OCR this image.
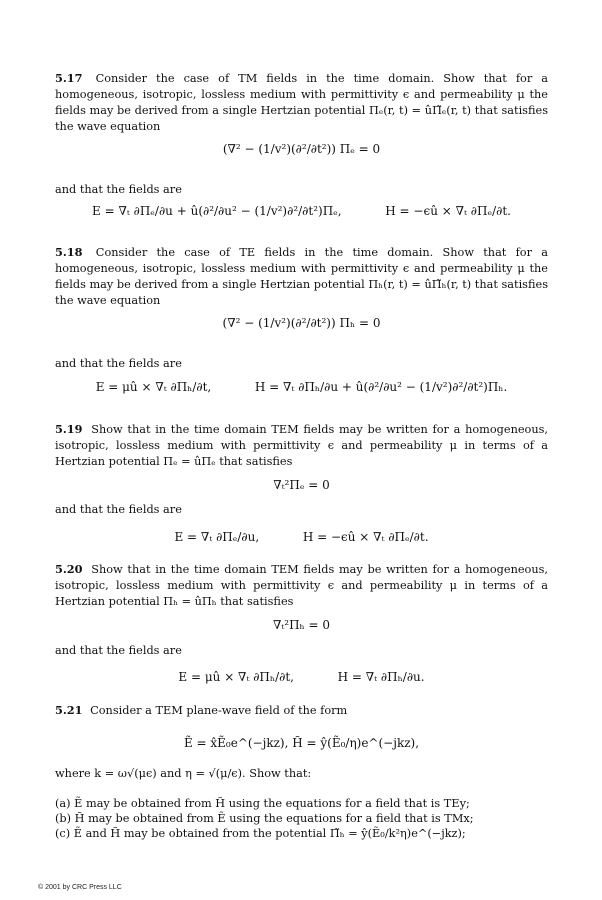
5.17 Consider the case of TM fields in the time domain. Show that for a homogeneous, isotropic, lossless medium with permittivity ϵ and permeability μ the fields may be derived from a single Hertzian potential Πₑ(r, t) = ûΠ̃ₑ(r, t) that satisfies the wave equation

(∇² − (1/v²)(∂²/∂t²)) Πₑ = 0

and that the fields are

E = ∇ₜ ∂Πₑ/∂u + û(∂²/∂u² − (1/v²)∂²/∂t²)Πₑ,	H = −ϵû × ∇ₜ ∂Πₑ/∂t.

5.18 Consider the case of TE fields in the time domain. Show that for a homogeneous, isotropic, lossless medium with permittivity ϵ and permeability μ the fields may be derived from a single Hertzian potential Πₕ(r, t) = ûΠ̃ₕ(r, t) that satisfies the wave equation

(∇² − (1/v²)(∂²/∂t²)) Πₕ = 0

and that the fields are

E = μû × ∇ₜ ∂Πₕ/∂t,	H = ∇ₜ ∂Πₕ/∂u + û(∂²/∂u² − (1/v²)∂²/∂t²)Πₕ.

5.19 Show that in the time domain TEM fields may be written for a homogeneous, isotropic, lossless medium with permittivity ϵ and permeability μ in terms of a Hertzian potential Πₑ = ûΠₑ that satisfies

∇ₜ²Πₑ = 0

and that the fields are

E = ∇ₜ ∂Πₑ/∂u,	H = −ϵû × ∇ₜ ∂Πₑ/∂t.

5.20 Show that in the time domain TEM fields may be written for a homogeneous, isotropic, lossless medium with permittivity ϵ and permeability μ in terms of a Hertzian potential Πₕ = ûΠₕ that satisfies

∇ₜ²Πₕ = 0

and that the fields are

E = μû × ∇ₜ ∂Πₕ/∂t,	H = ∇ₜ ∂Πₕ/∂u.

5.21 Consider a TEM plane-wave field of the form

Ẽ = x̂Ẽ₀e^(−jkz), H̃ = ŷ(Ẽ₀/η)e^(−jkz),

where k = ω√(μϵ) and η = √(μ/ϵ). Show that:

(a) Ẽ may be obtained from H̃ using the equations for a field that is TEy;
(b) H̃ may be obtained from Ẽ using the equations for a field that is TMx;
(c) Ẽ and H̃ may be obtained from the potential Π̃ₕ = ŷ(Ẽ₀/k²η)e^(−jkz);
© 2001 by CRC Press LLC
